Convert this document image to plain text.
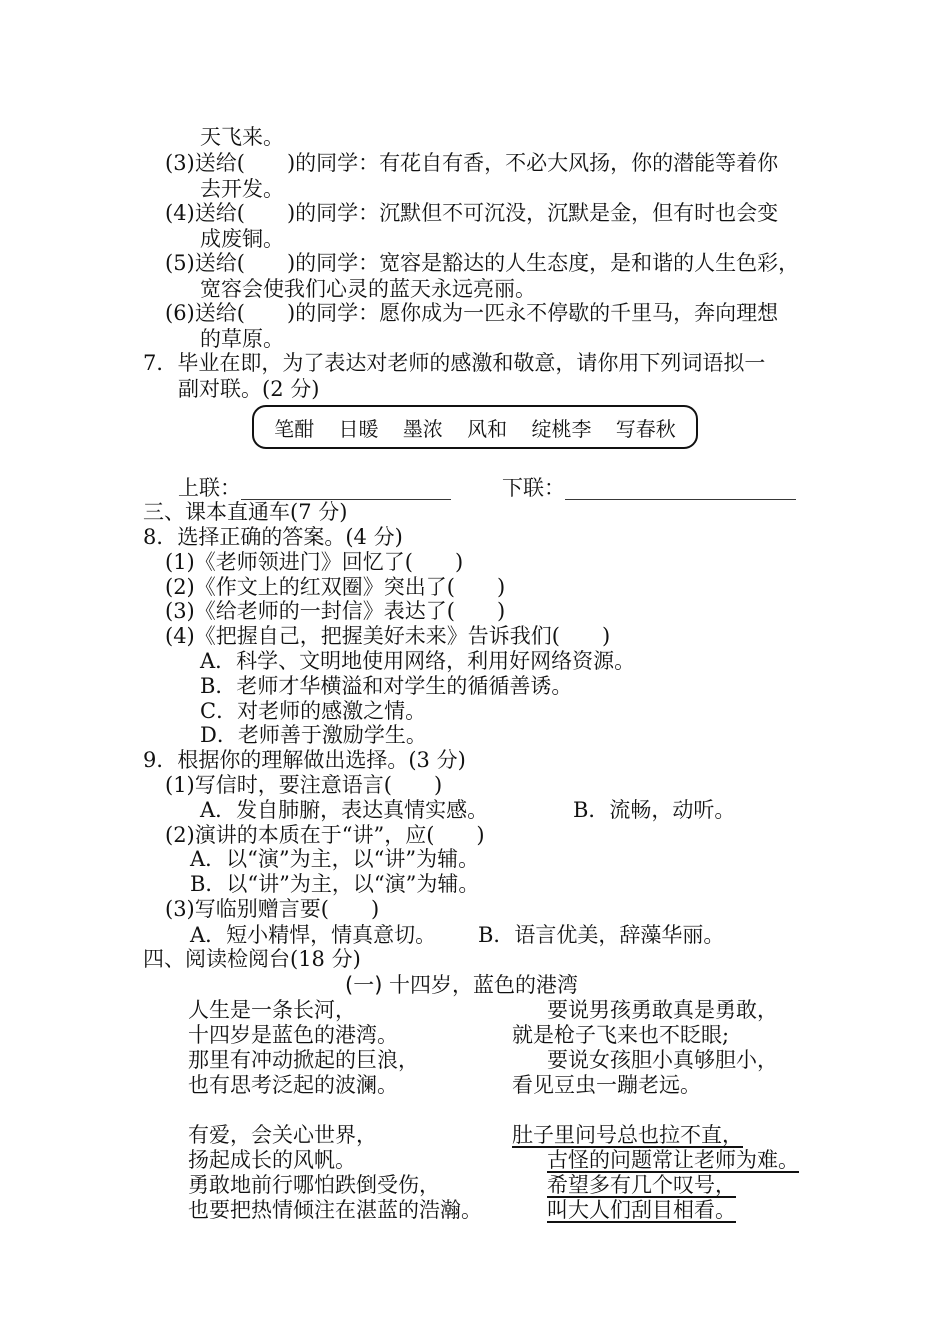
天飞来。
(3)送给(　　)的同学：有花自有香，不必大风扬，你的潜能等着你
去开发。
(4)送给(　　)的同学：沉默但不可沉没，沉默是金，但有时也会变
成废铜。
(5)送给(　　)的同学：宽容是豁达的人生态度，是和谐的人生色彩，
宽容会使我们心灵的蓝天永远亮丽。
(6)送给(　　)的同学：愿你成为一匹永不停歇的千里马，奔向理想
的草原。
7．毕业在即，为了表达对老师的感激和敬意，请你用下列词语拟一
副对联。(2 分)
笔酣 日暖 墨浓 风和 绽桃李 写春秋
上联：____________________ 下联：______________________
三、课本直通车(7 分)
8．选择正确的答案。(4 分)
(1)《老师领进门》回忆了(　　)
(2)《作文上的红双圈》突出了(　　)
(3)《给老师的一封信》表达了(　　)
(4)《把握自己，把握美好未来》告诉我们(　　)
A．科学、文明地使用网络，利用好网络资源。
B．老师才华横溢和对学生的循循善诱。
C．对老师的感激之情。
D．老师善于激励学生。
9．根据你的理解做出选择。(3 分)
(1)写信时，要注意语言(　　)
A．发自肺腑，表达真情实感。	B．流畅，动听。
(2)演讲的本质在于“讲”，应(　　)
A．以“演”为主，以“讲”为辅。
B．以“讲”为主，以“演”为辅。
(3)写临别赠言要(　　)
A．短小精悍，情真意切。 B．语言优美，辞藻华丽。
四、阅读检阅台(18 分)
(一) 十四岁，蓝色的港湾
人生是一条长河，
十四岁是蓝色的港湾。
那里有冲动掀起的巨浪，
也有思考泛起的波澜。
要说男孩勇敢真是勇敢，
就是枪子飞来也不眨眼;
要说女孩胆小真够胆小，
看见豆虫一蹦老远。
有爱，会关心世界，
扬起成长的风帆。
勇敢地前行哪怕跌倒受伤，
也要把热情倾注在湛蓝的浩瀚。
肚子里问号总也拉不直，
古怪的问题常让老师为难。
希望多有几个叹号，
叫大人们刮目相看。
